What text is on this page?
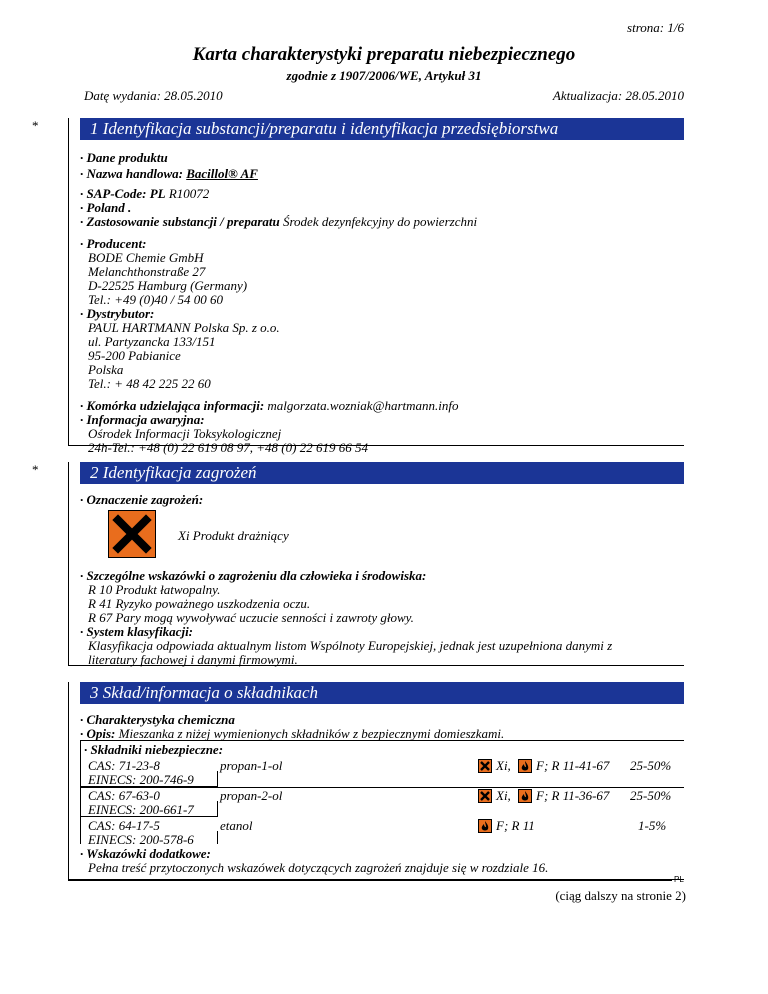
strona: 1/6
Karta charakterystyki preparatu niebezpiecznego
zgodnie z 1907/2006/WE, Artykuł 31
Datę wydania: 28.05.2010	Aktualizacja: 28.05.2010
*	1 Identyfikacja substancji/preparatu i identyfikacja przedsiębiorstwa
· Dane produktu
· Nazwa handlowa: Bacillol® AF
· SAP-Code: PL R10072
· Poland .
· Zastosowanie substancji / preparatu Środek dezynfekcyjny do powierzchni
· Producent:
BODE Chemie GmbH
Melanchthonstraße 27
D-22525 Hamburg (Germany)
Tel.: +49 (0)40 / 54 00 60
· Dystrybutor:
PAUL HARTMANN Polska Sp. z o.o.
ul. Partyzancka 133/151
95-200 Pabianice
Polska
Tel.: + 48 42 225 22 60
· Komórka udzielająca informacji: malgorzata.wozniak@hartmann.info
· Informacja awaryjna:
Ośrodek Informacji Toksykologicznej
24h-Tel.: +48 (0) 22 619 08 97, +48 (0) 22 619 66 54
*	2 Identyfikacja zagrożeń
· Oznaczenie zagrożeń:
Xi Produkt drażniący
· Szczególne wskazówki o zagrożeniu dla człowieka i środowiska:
R 10 Produkt łatwopalny.
R 41 Ryzyko poważnego uszkodzenia oczu.
R 67 Pary mogą wywoływać uczucie senności i zawroty głowy.
· System klasyfikacji:
Klasyfikacja odpowiada aktualnym listom Wspólnoty Europejskiej, jednak jest uzupełniona danymi z
literatury fachowej i danymi firmowymi.
3 Skład/informacja o składnikach
· Charakterystyka chemiczna
· Opis: Mieszanka z niżej wymienionych składników z bezpiecznymi domieszkami.
· Składniki niebezpieczne:
CAS: 71-23-8
EINECS: 200-746-9
propan-1-ol	Xi, F; R 11-41-67 25-50%
CAS: 67-63-0
EINECS: 200-661-7
propan-2-ol	Xi, F; R 11-36-67 25-50%
CAS: 64-17-5
EINECS: 200-578-6
etanol	F; R 11	1-5%
· Wskazówki dodatkowe:
Pełna treść przytoczonych wskazówek dotyczących zagrożeń znajduje się w rozdziale 16.
PL
(ciąg dalszy na stronie 2)
